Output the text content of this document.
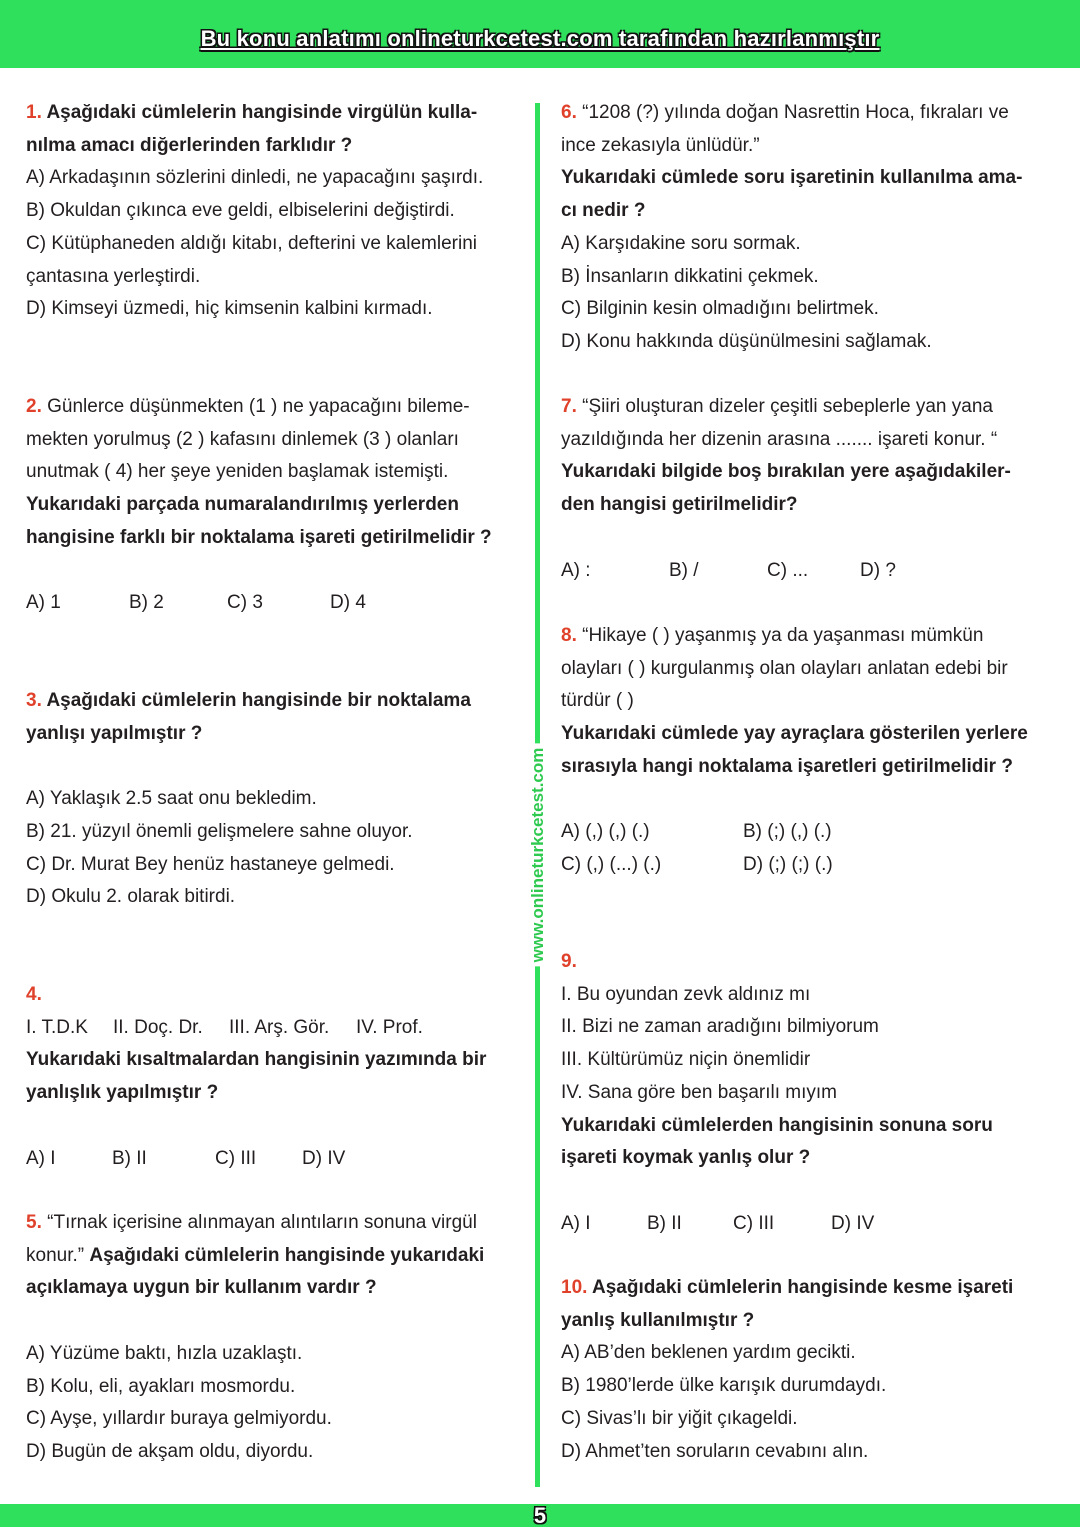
Bu konu anlatımı onlineturkcetest.com tarafından hazırlanmıştır
www.onlineturkcetest.com

1. Aşağıdaki cümlelerin hangisinde virgülün kulla-

nılma amacı diğerlerinden farklıdır ?

A) Arkadaşının sözlerini dinledi, ne yapacağını şaşırdı.

B) Okuldan çıkınca eve geldi, elbiselerini değiştirdi.

C) Kütüphaneden aldığı kitabı, defterini ve kalemlerini

çantasına yerleştirdi.

D) Kimseyi üzmedi, hiç kimsenin kalbini kırmadı.

2. Günlerce düşünmekten (1 ) ne yapacağını bileme-

mekten yorulmuş (2 ) kafasını dinlemek (3 ) olanları

unutmak ( 4) her şeye yeniden başlamak istemişti.

Yukarıdaki parçada numaralandırılmış yerlerden

hangisine farklı bir noktalama işareti getirilmelidir ?

A) 1	B) 2	C) 3	D) 4

3. Aşağıdaki cümlelerin hangisinde bir noktalama

yanlışı yapılmıştır ?

A) Yaklaşık 2.5 saat onu bekledim.

B) 21. yüzyıl önemli gelişmelere sahne oluyor.

C) Dr. Murat Bey henüz hastaneye gelmedi.

D) Okulu 2. olarak bitirdi.

4.

I. T.D.K II. Doç. Dr. III. Arş. Gör. IV. Prof.

Yukarıdaki kısaltmalardan hangisinin yazımında bir

yanlışlık yapılmıştır ?

A) I	B) II	C) III D) IV

5. “Tırnak içerisine alınmayan alıntıların sonuna virgül

konur.” Aşağıdaki cümlelerin hangisinde yukarıdaki

açıklamaya uygun bir kullanım vardır ?

A) Yüzüme baktı, hızla uzaklaştı.

B) Kolu, eli, ayakları mosmordu.

C) Ayşe, yıllardır buraya gelmiyordu.

D) Bugün de akşam oldu, diyordu.

6. “1208 (?) yılında doğan Nasrettin Hoca, fıkraları ve

ince zekasıyla ünlüdür.”

Yukarıdaki cümlede soru işaretinin kullanılma ama-

cı nedir ?

A) Karşıdakine soru sormak.

B) İnsanların dikkatini çekmek.

C) Bilginin kesin olmadığını belirtmek.

D) Konu hakkında düşünülmesini sağlamak.

7. “Şiiri oluşturan dizeler çeşitli sebeplerle yan yana

yazıldığında her dizenin arasına ....... işareti konur. “

Yukarıdaki bilgide boş bırakılan yere aşağıdakiler-

den hangisi getirilmelidir?

A) :	B) /	C) ...	D) ?

8. “Hikaye ( ) yaşanmış ya da yaşanması mümkün

olayları ( ) kurgulanmış olan olayları anlatan edebi bir

türdür ( )

Yukarıdaki cümlede yay ayraçlara gösterilen yerlere

sırasıyla hangi noktalama işaretleri getirilmelidir ?

A) (,) (,) (.)	B) (;) (,) (.)

C) (,) (...) (.)	D) (;) (;) (.)

9.

I. Bu oyundan zevk aldınız mı

II. Bizi ne zaman aradığını bilmiyorum

III. Kültürümüz niçin önemlidir

IV. Sana göre ben başarılı mıyım

Yukarıdaki cümlelerden hangisinin sonuna soru

işareti koymak yanlış olur ?

A) I	B) II	C) III	D) IV

10. Aşağıdaki cümlelerin hangisinde kesme işareti

yanlış kullanılmıştır ?

A) AB’den beklenen yardım gecikti.

B) 1980’lerde ülke karışık durumdaydı.

C) Sivas’lı bir yiğit çıkageldi.

D) Ahmet’ten soruların cevabını alın.

5
